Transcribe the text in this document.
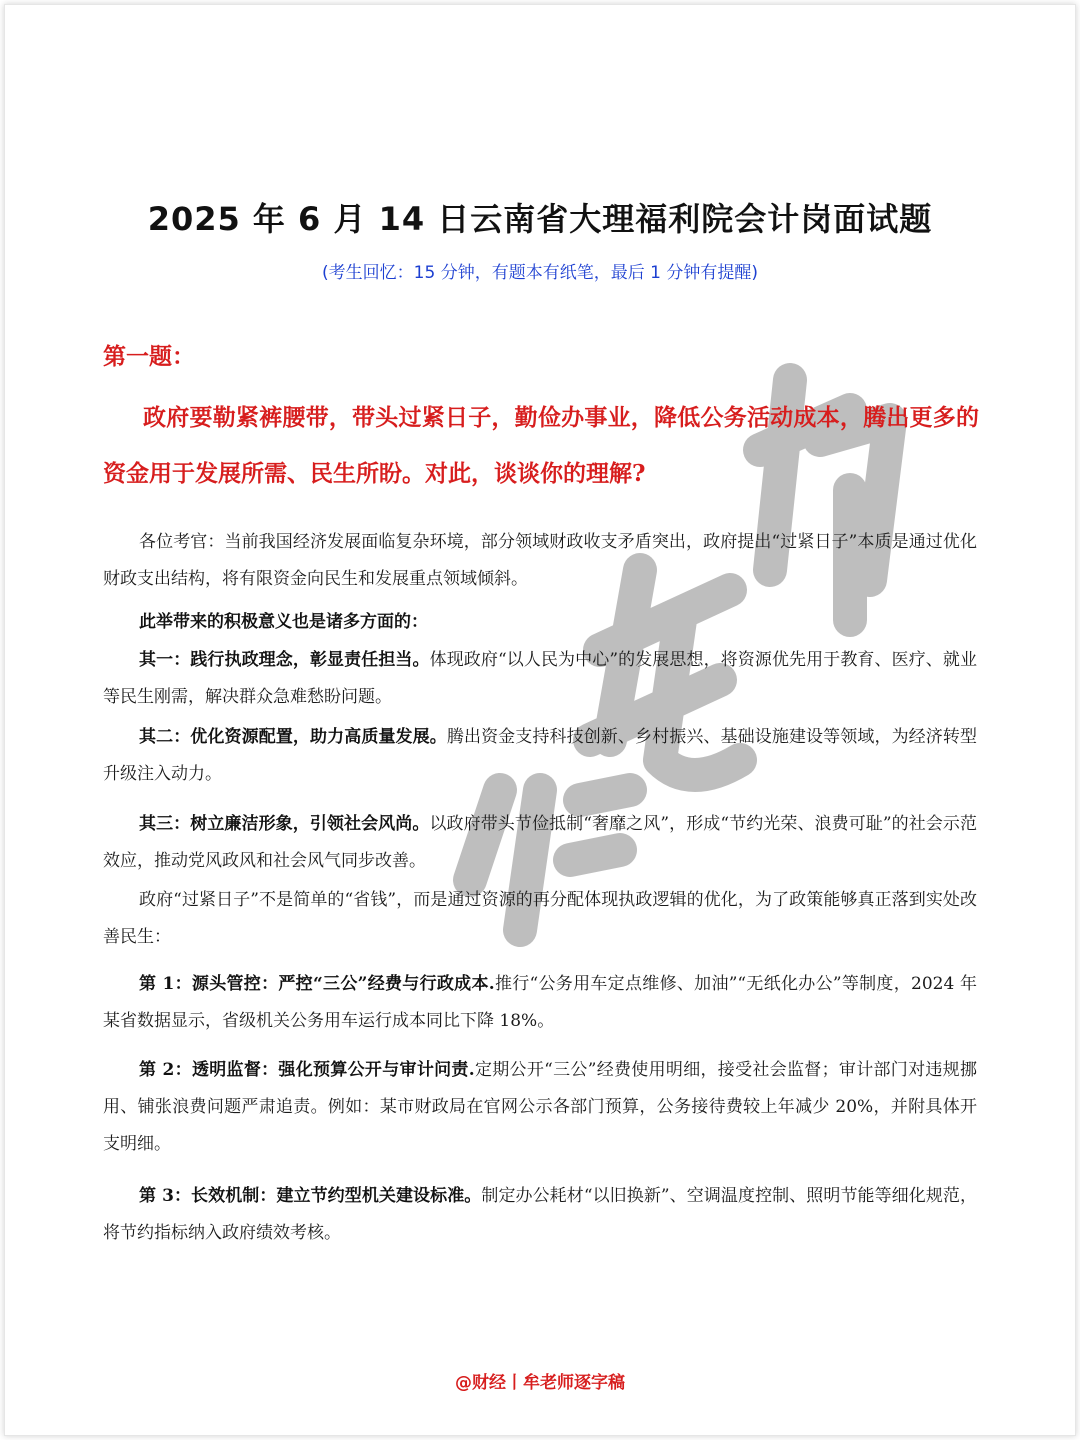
2025 年 6 月 14 日云南省大理福利院会计岗面试题
(考生回忆：15 分钟，有题本有纸笔，最后 1 分钟有提醒)
第一题：
政府要勒紧裤腰带，带头过紧日子，勤俭办事业，降低公务活动成本，腾出更多的资金用于发展所需、民生所盼。对此，谈谈你的理解?
各位考官：当前我国经济发展面临复杂环境，部分领域财政收支矛盾突出，政府提出“过紧日子”本质是通过优化财政支出结构，将有限资金向民生和发展重点领域倾斜。
此举带来的积极意义也是诸多方面的：
其一：践行执政理念，彰显责任担当。体现政府“以人民为中心”的发展思想，将资源优先用于教育、医疗、就业等民生刚需，解决群众急难愁盼问题。
其二：优化资源配置，助力高质量发展。腾出资金支持科技创新、乡村振兴、基础设施建设等领域，为经济转型升级注入动力。
其三：树立廉洁形象，引领社会风尚。以政府带头节俭抵制“奢靡之风”，形成“节约光荣、浪费可耻”的社会示范效应，推动党风政风和社会风气同步改善。
政府“过紧日子”不是简单的“省钱”，而是通过资源的再分配体现执政逻辑的优化，为了政策能够真正落到实处改善民生：
第 1：源头管控：严控“三公”经费与行政成本.推行“公务用车定点维修、加油”“无纸化办公”等制度，2024 年某省数据显示，省级机关公务用车运行成本同比下降 18%。
第 2：透明监督：强化预算公开与审计问责.定期公开“三公”经费使用明细，接受社会监督；审计部门对违规挪用、铺张浪费问题严肃追责。例如：某市财政局在官网公示各部门预算，公务接待费较上年减少 20%，并附具体开支明细。
第 3：长效机制：建立节约型机关建设标准。制定办公耗材“以旧换新”、空调温度控制、照明节能等细化规范，将节约指标纳入政府绩效考核。
@财经丨牟老师逐字稿
